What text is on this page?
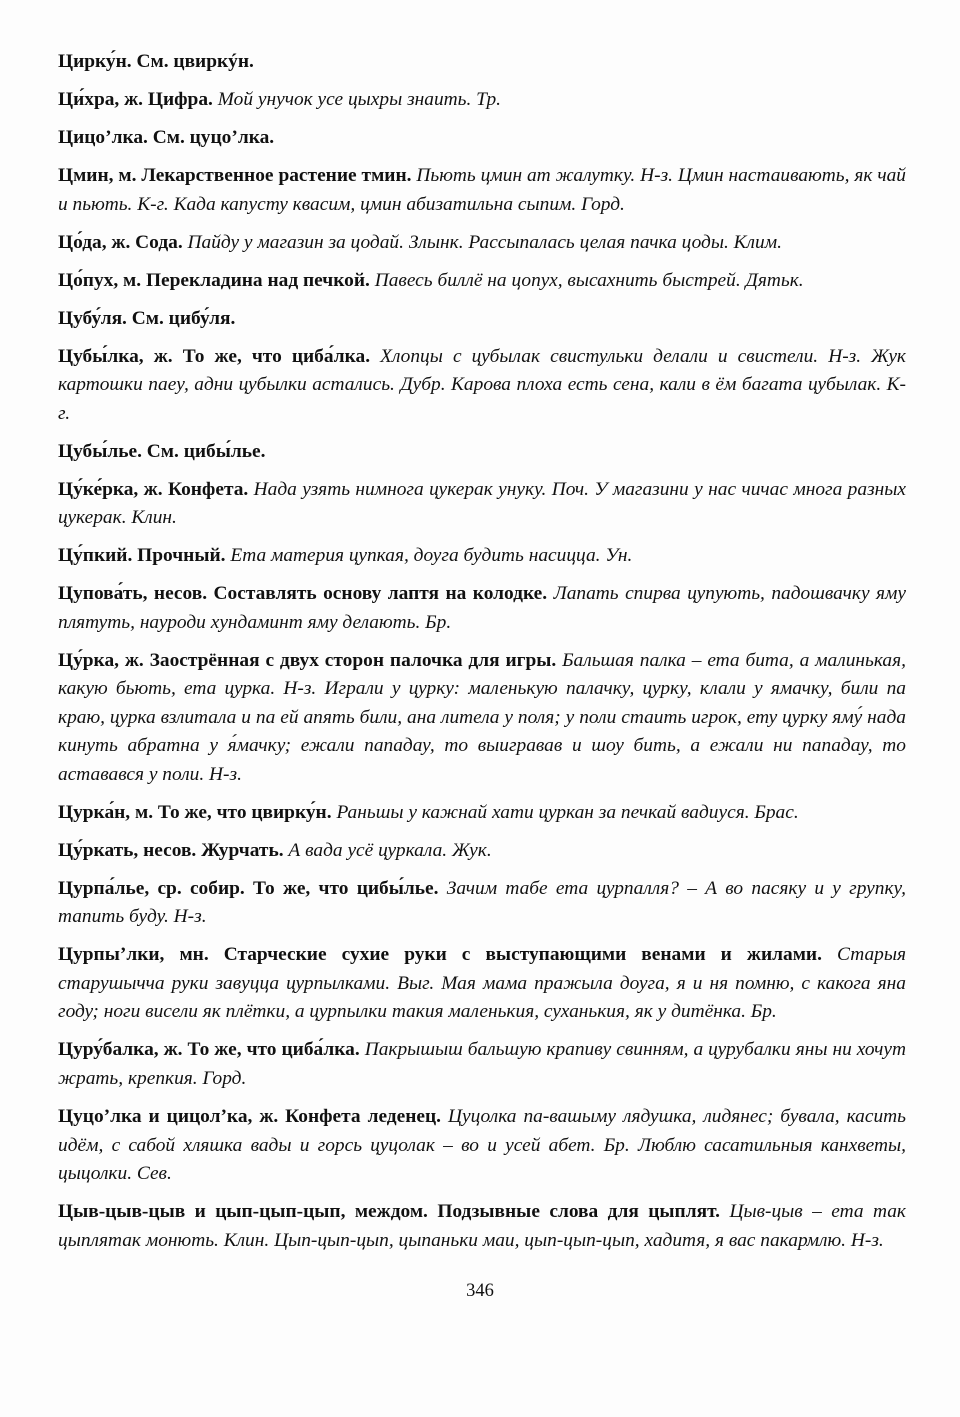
Цирку́н. См. цвиркýн.

Ци́хра, ж. Цифра. Мой унучок усе цыхры знаить. Тр.

Цицо’лка. См. цуцо’лка.

Цмин, м. Лекарственное растение тмин. Пьють цмин ат жалутку. Н-з. Цмин настаивають, як чай и пьють. К-г. Када капусту квасим, цмин абизатильна сыпим. Горд.

Цо́да, ж. Сода. Пайду у магазин за цодай. Злынк. Рассыпалась целая пачка цоды. Клим.

Цо́пух, м. Перекладина над печкой. Павесь биллё на цопух, высахнить быстрей. Дятьк.

Цубу́ля. См. цибу́ля.

Цубы́лка, ж. То же, что циба́лка. Хлопцы с цубылак свистульки делали и свистели. Н-з. Жук картошки паеу, адни цубылки астались. Дубр. Карова плоха есть сена, кали в ём багата цубылак. К-г.

Цубы́лье. См. цибы́лье.

Цу́ке́рка, ж. Конфета. Нада узять нимнога цукерак унуку. Поч. У магазини у нас чичас многа разных цукерак. Клин.

Цу́пкий. Прочный. Ета материя цупкая, доуга будить насицца. Ун.

Цупова́ть, несов. Составлять основу лаптя на колодке. Лапать спирва цупують, падошвачку яму плятуть, науроди хундаминт яму делають. Бр.

Цу́рка, ж. Заострённая с двух сторон палочка для игры. Бальшая палка – ета бита, а малинькая, какую бьють, ета цурка. Н-з. Играли у цурку: маленькую палачку, цурку, клали у ямачку, били па краю, цурка взлитала и па ей апять били, ана лителa у поля; у поли стаить игрок, ету цурку яму́ нада кинуть абратна у я́мачку; ежали пападау, то выигравав и шоу бить, а ежали ни пападау, то аставався у поли. Н-з.

Цурка́н, м. То же, что цвирку́н. Раньшы у кажнай хати цуркан за печкай вадиуся. Брас.

Цу́ркать, несов. Журчать. А вада усё цуркала. Жук.

Цурпа́лье, ср. собир. То же, что цибы́лье. Зачим табе ета цурпалля? – А во пасяку и у групку, тапить буду. Н-з.

Цурпы’лки, мн. Старческие сухие руки с выступающими венами и жилами. Старыя старушычча руки завуцца цурпылками. Выг. Мая мама пражыла доуга, я и ня помню, с какога яна году; ноги висели як плётки, а цурпылки такия маленькия, суханькия, як у дитёнка. Бр.

Цуру́балка, ж. То же, что циба́лка. Пакрышыш бальшую крапиву свинням, а цурубалки яны ни хочут жрать, крепкия. Горд.

Цуцо’лка и цицол’ка, ж. Конфета леденец. Цуцолка па-вашыму лядушка, лидянес; бувала, касить идём, с сабой хляшка вады и горсь цуцолак – во и усей абет. Бр. Люблю сасатильныя канхветы, цыцолки. Сев.

Цыв-цыв-цыв и цып-цып-цып, междом. Подзывные слова для цыплят. Цыв-цыв – ета так цыплятак монють. Клин. Цып-цып-цып, цыпаньки маи, цып-цып-цып, хадитя, я вас пакармлю. Н-з.

346
